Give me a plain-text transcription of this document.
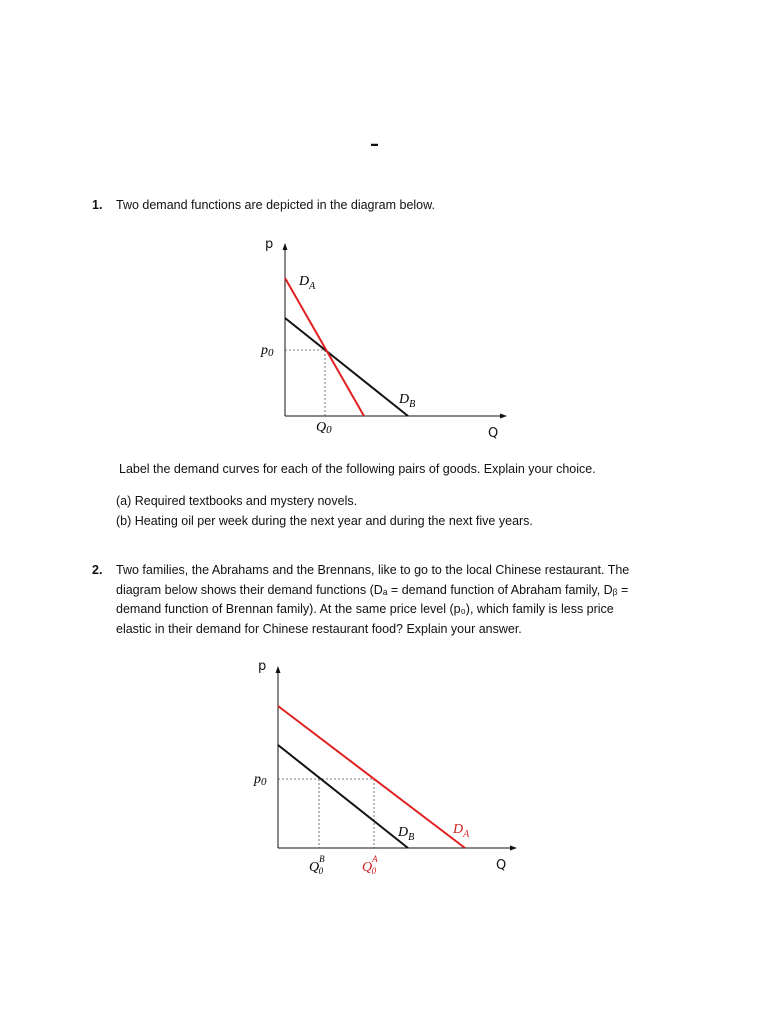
–
1. Two demand functions are depicted in the diagram below.
p
Q
$D_A$
$D_B$
p0
Q0
Label the demand curves for each of the following pairs of goods. Explain your choice.
(a) Required textbooks and mystery novels.
(b) Heating oil per week during the next year and during the next five years.
2. Two families, the Abrahams and the Brennans, like to go to the local Chinese restaurant. The
diagram below shows their demand functions (Dₐ = demand function of Abraham family, Dᵦ =
demand function of Brennan family). At the same price level (p₀), which family is less price
elastic in their demand for Chinese restaurant food? Explain your answer.
p
Q
$D_B$
$D_A$
p0
$Q^B$ 0	$Q^A$ 0
